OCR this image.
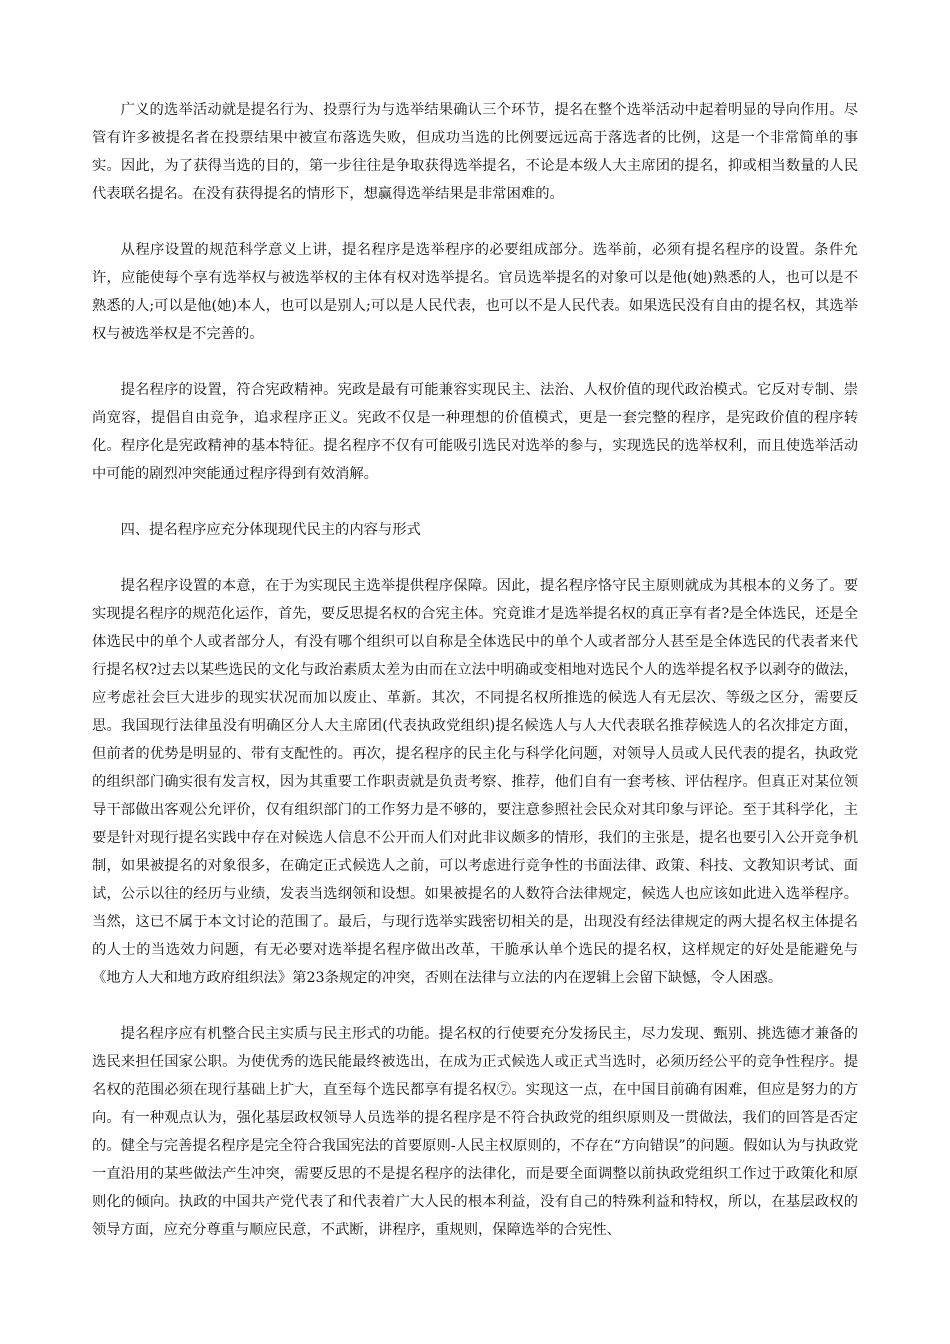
广义的选举活动就是提名行为、投票行为与选举结果确认三个环节，提名在整个选举活动中起着明显的导向作用。尽管有许多被提名者在投票结果中被宣布落选失败，但成功当选的比例要远远高于落选者的比例，这是一个非常简单的事实。因此，为了获得当选的目的，第一步往往是争取获得选举提名，不论是本级人大主席团的提名，抑或相当数量的人民代表联名提名。在没有获得提名的情形下，想赢得选举结果是非常困难的。

从程序设置的规范科学意义上讲，提名程序是选举程序的必要组成部分。选举前，必须有提名程序的设置。条件允许，应能使每个享有选举权与被选举权的主体有权对选举提名。官员选举提名的对象可以是他(她)熟悉的人，也可以是不熟悉的人;可以是他(她)本人，也可以是别人;可以是人民代表，也可以不是人民代表。如果选民没有自由的提名权，其选举权与被选举权是不完善的。

提名程序的设置，符合宪政精神。宪政是最有可能兼容实现民主、法治、人权价值的现代政治模式。它反对专制、崇尚宽容，提倡自由竞争，追求程序正义。宪政不仅是一种理想的价值模式，更是一套完整的程序，是宪政价值的程序转化。程序化是宪政精神的基本特征。提名程序不仅有可能吸引选民对选举的参与，实现选民的选举权利，而且使选举活动中可能的剧烈冲突能通过程序得到有效消解。

四、提名程序应充分体现现代民主的内容与形式

提名程序设置的本意，在于为实现民主选举提供程序保障。因此，提名程序恪守民主原则就成为其根本的义务了。要实现提名程序的规范化运作，首先，要反思提名权的合宪主体。究竟谁才是选举提名权的真正享有者?是全体选民，还是全体选民中的单个人或者部分人，有没有哪个组织可以自称是全体选民中的单个人或者部分人甚至是全体选民的代表者来代行提名权?过去以某些选民的文化与政治素质太差为由而在立法中明确或变相地对选民个人的选举提名权予以剥夺的做法，应考虑社会巨大进步的现实状况而加以废止、革新。其次，不同提名权所推选的候选人有无层次、等级之区分，需要反思。我国现行法律虽没有明确区分人大主席团(代表执政党组织)提名候选人与人大代表联名推荐候选人的名次排定方面，但前者的优势是明显的、带有支配性的。再次，提名程序的民主化与科学化问题，对领导人员或人民代表的提名，执政党的组织部门确实很有发言权，因为其重要工作职责就是负责考察、推荐，他们自有一套考核、评估程序。但真正对某位领导干部做出客观公允评价，仅有组织部门的工作努力是不够的，要注意参照社会民众对其印象与评论。至于其科学化，主要是针对现行提名实践中存在对候选人信息不公开而人们对此非议颇多的情形，我们的主张是，提名也要引入公开竞争机制，如果被提名的对象很多，在确定正式候选人之前，可以考虑进行竞争性的书面法律、政策、科技、文教知识考试、面试，公示以往的经历与业绩，发表当选纲领和设想。如果被提名的人数符合法律规定，候选人也应该如此进入选举程序。当然，这已不属于本文讨论的范围了。最后，与现行选举实践密切相关的是，出现没有经法律规定的两大提名权主体提名的人士的当选效力问题，有无必要对选举提名程序做出改革，干脆承认单个选民的提名权，这样规定的好处是能避免与《地方人大和地方政府组织法》第23条规定的冲突，否则在法律与立法的内在逻辑上会留下缺憾，令人困惑。

提名程序应有机整合民主实质与民主形式的功能。提名权的行使要充分发扬民主，尽力发现、甄别、挑选德才兼备的选民来担任国家公职。为使优秀的选民能最终被选出，在成为正式候选人或正式当选时，必须历经公平的竞争性程序。提名权的范围必须在现行基础上扩大，直至每个选民都享有提名权⑦。实现这一点，在中国目前确有困难，但应是努力的方向。有一种观点认为，强化基层政权领导人员选举的提名程序是不符合执政党的组织原则及一贯做法，我们的回答是否定的。健全与完善提名程序是完全符合我国宪法的首要原则-人民主权原则的，不存在“方向错误”的问题。假如认为与执政党一直沿用的某些做法产生冲突，需要反思的不是提名程序的法律化，而是要全面调整以前执政党组织工作过于政策化和原则化的倾向。执政的中国共产党代表了和代表着广大人民的根本利益，没有自己的特殊利益和特权，所以，在基层政权的领导方面，应充分尊重与顺应民意，不武断，讲程序，重规则，保障选举的合宪性、
